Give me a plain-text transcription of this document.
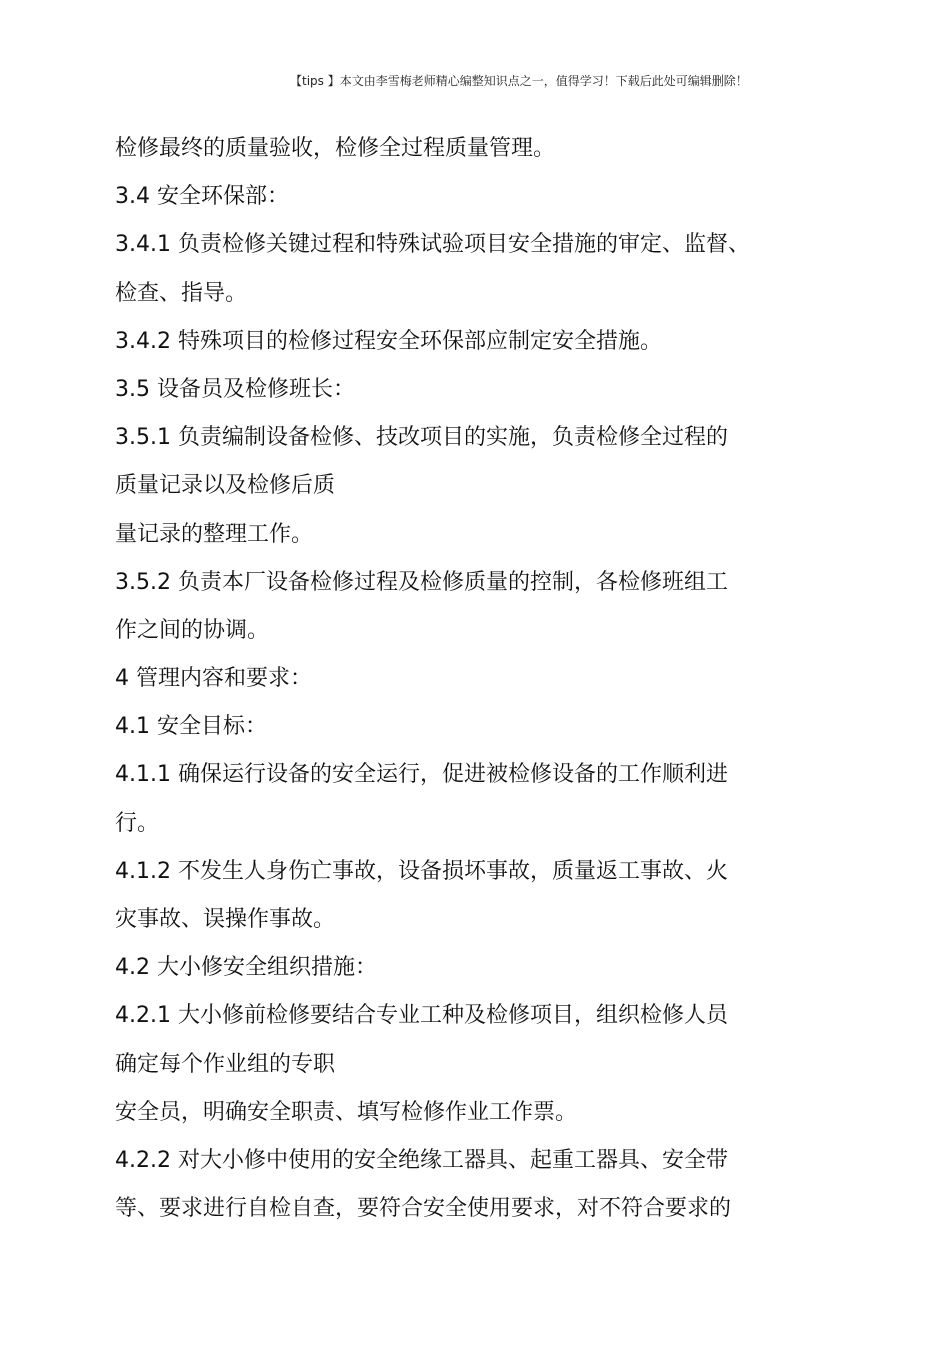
【tips 】本文由李雪梅老师精心编整知识点之一，值得学习！下载后此处可编辑删除！
检修最终的质量验收，检修全过程质量管理。
3.4 安全环保部：
3.4.1 负责检修关键过程和特殊试验项目安全措施的审定、监督、
检查、指导。
3.4.2 特殊项目的检修过程安全环保部应制定安全措施。
3.5 设备员及检修班长：
3.5.1 负责编制设备检修、技改项目的实施，负责检修全过程的
质量记录以及检修后质
量记录的整理工作。
3.5.2 负责本厂设备检修过程及检修质量的控制，各检修班组工
作之间的协调。
4 管理内容和要求：
4.1 安全目标：
4.1.1 确保运行设备的安全运行，促进被检修设备的工作顺利进
行。
4.1.2 不发生人身伤亡事故，设备损坏事故，质量返工事故、火
灾事故、误操作事故。
4.2 大小修安全组织措施：
4.2.1 大小修前检修要结合专业工种及检修项目，组织检修人员
确定每个作业组的专职
安全员，明确安全职责、填写检修作业工作票。
4.2.2 对大小修中使用的安全绝缘工器具、起重工器具、安全带
等、要求进行自检自查，要符合安全使用要求，对不符合要求的
